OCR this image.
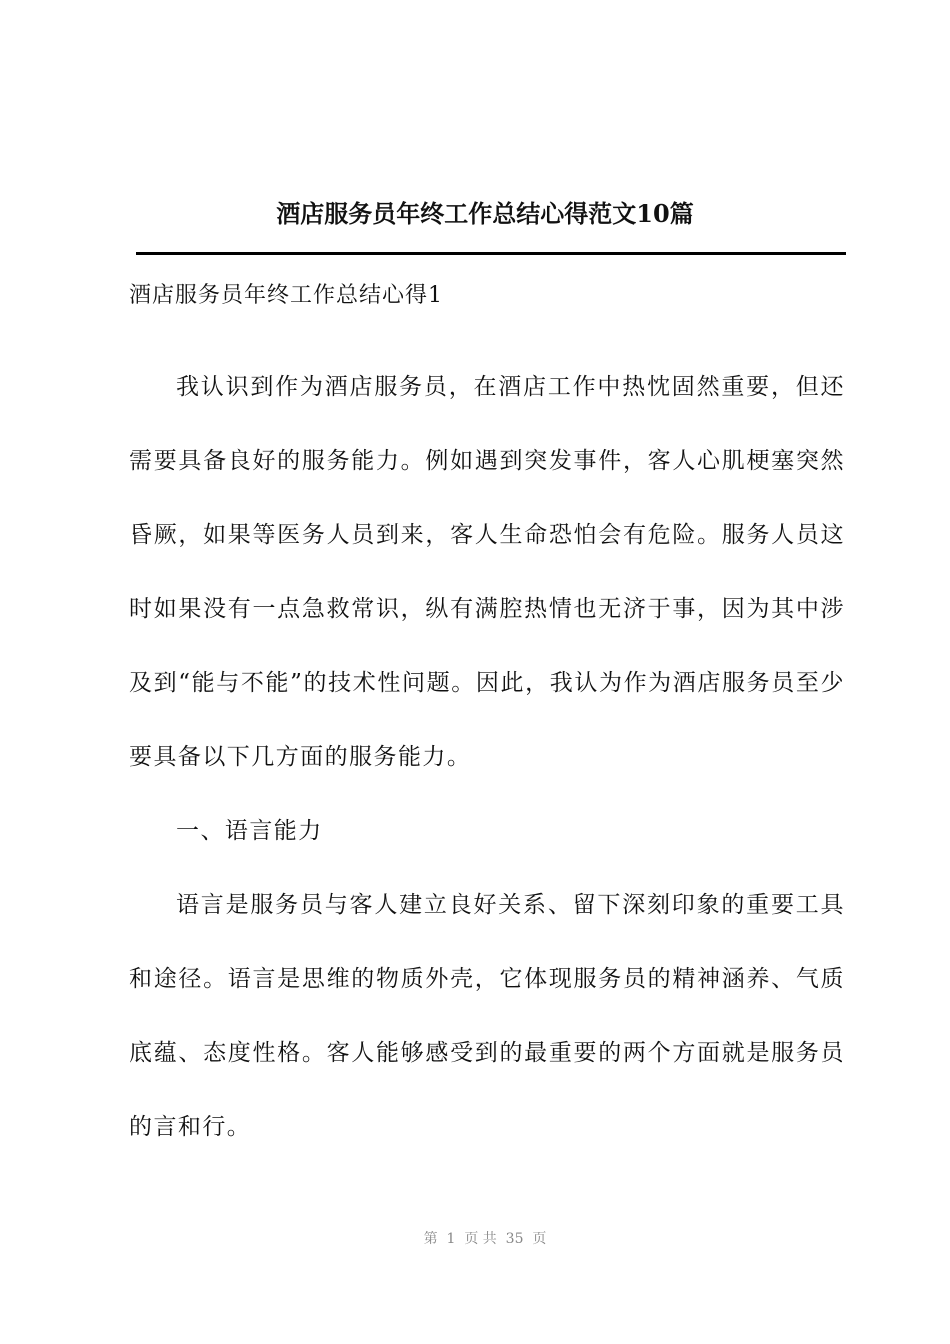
酒店服务员年终工作总结心得范文10篇

酒店服务员年终工作总结心得1

我认识到作为酒店服务员，在酒店工作中热忱固然重要，但还需要具备良好的服务能力。例如遇到突发事件，客人心肌梗塞突然昏厥，如果等医务人员到来，客人生命恐怕会有危险。服务人员这时如果没有一点急救常识，纵有满腔热情也无济于事，因为其中涉及到“能与不能”的技术性问题。因此，我认为作为酒店服务员至少要具备以下几方面的服务能力。

一、语言能力

语言是服务员与客人建立良好关系、留下深刻印象的重要工具和途径。语言是思维的物质外壳，它体现服务员的精神涵养、气质底蕴、态度性格。客人能够感受到的最重要的两个方面就是服务员的言和行。

第  1  页 共  35  页
